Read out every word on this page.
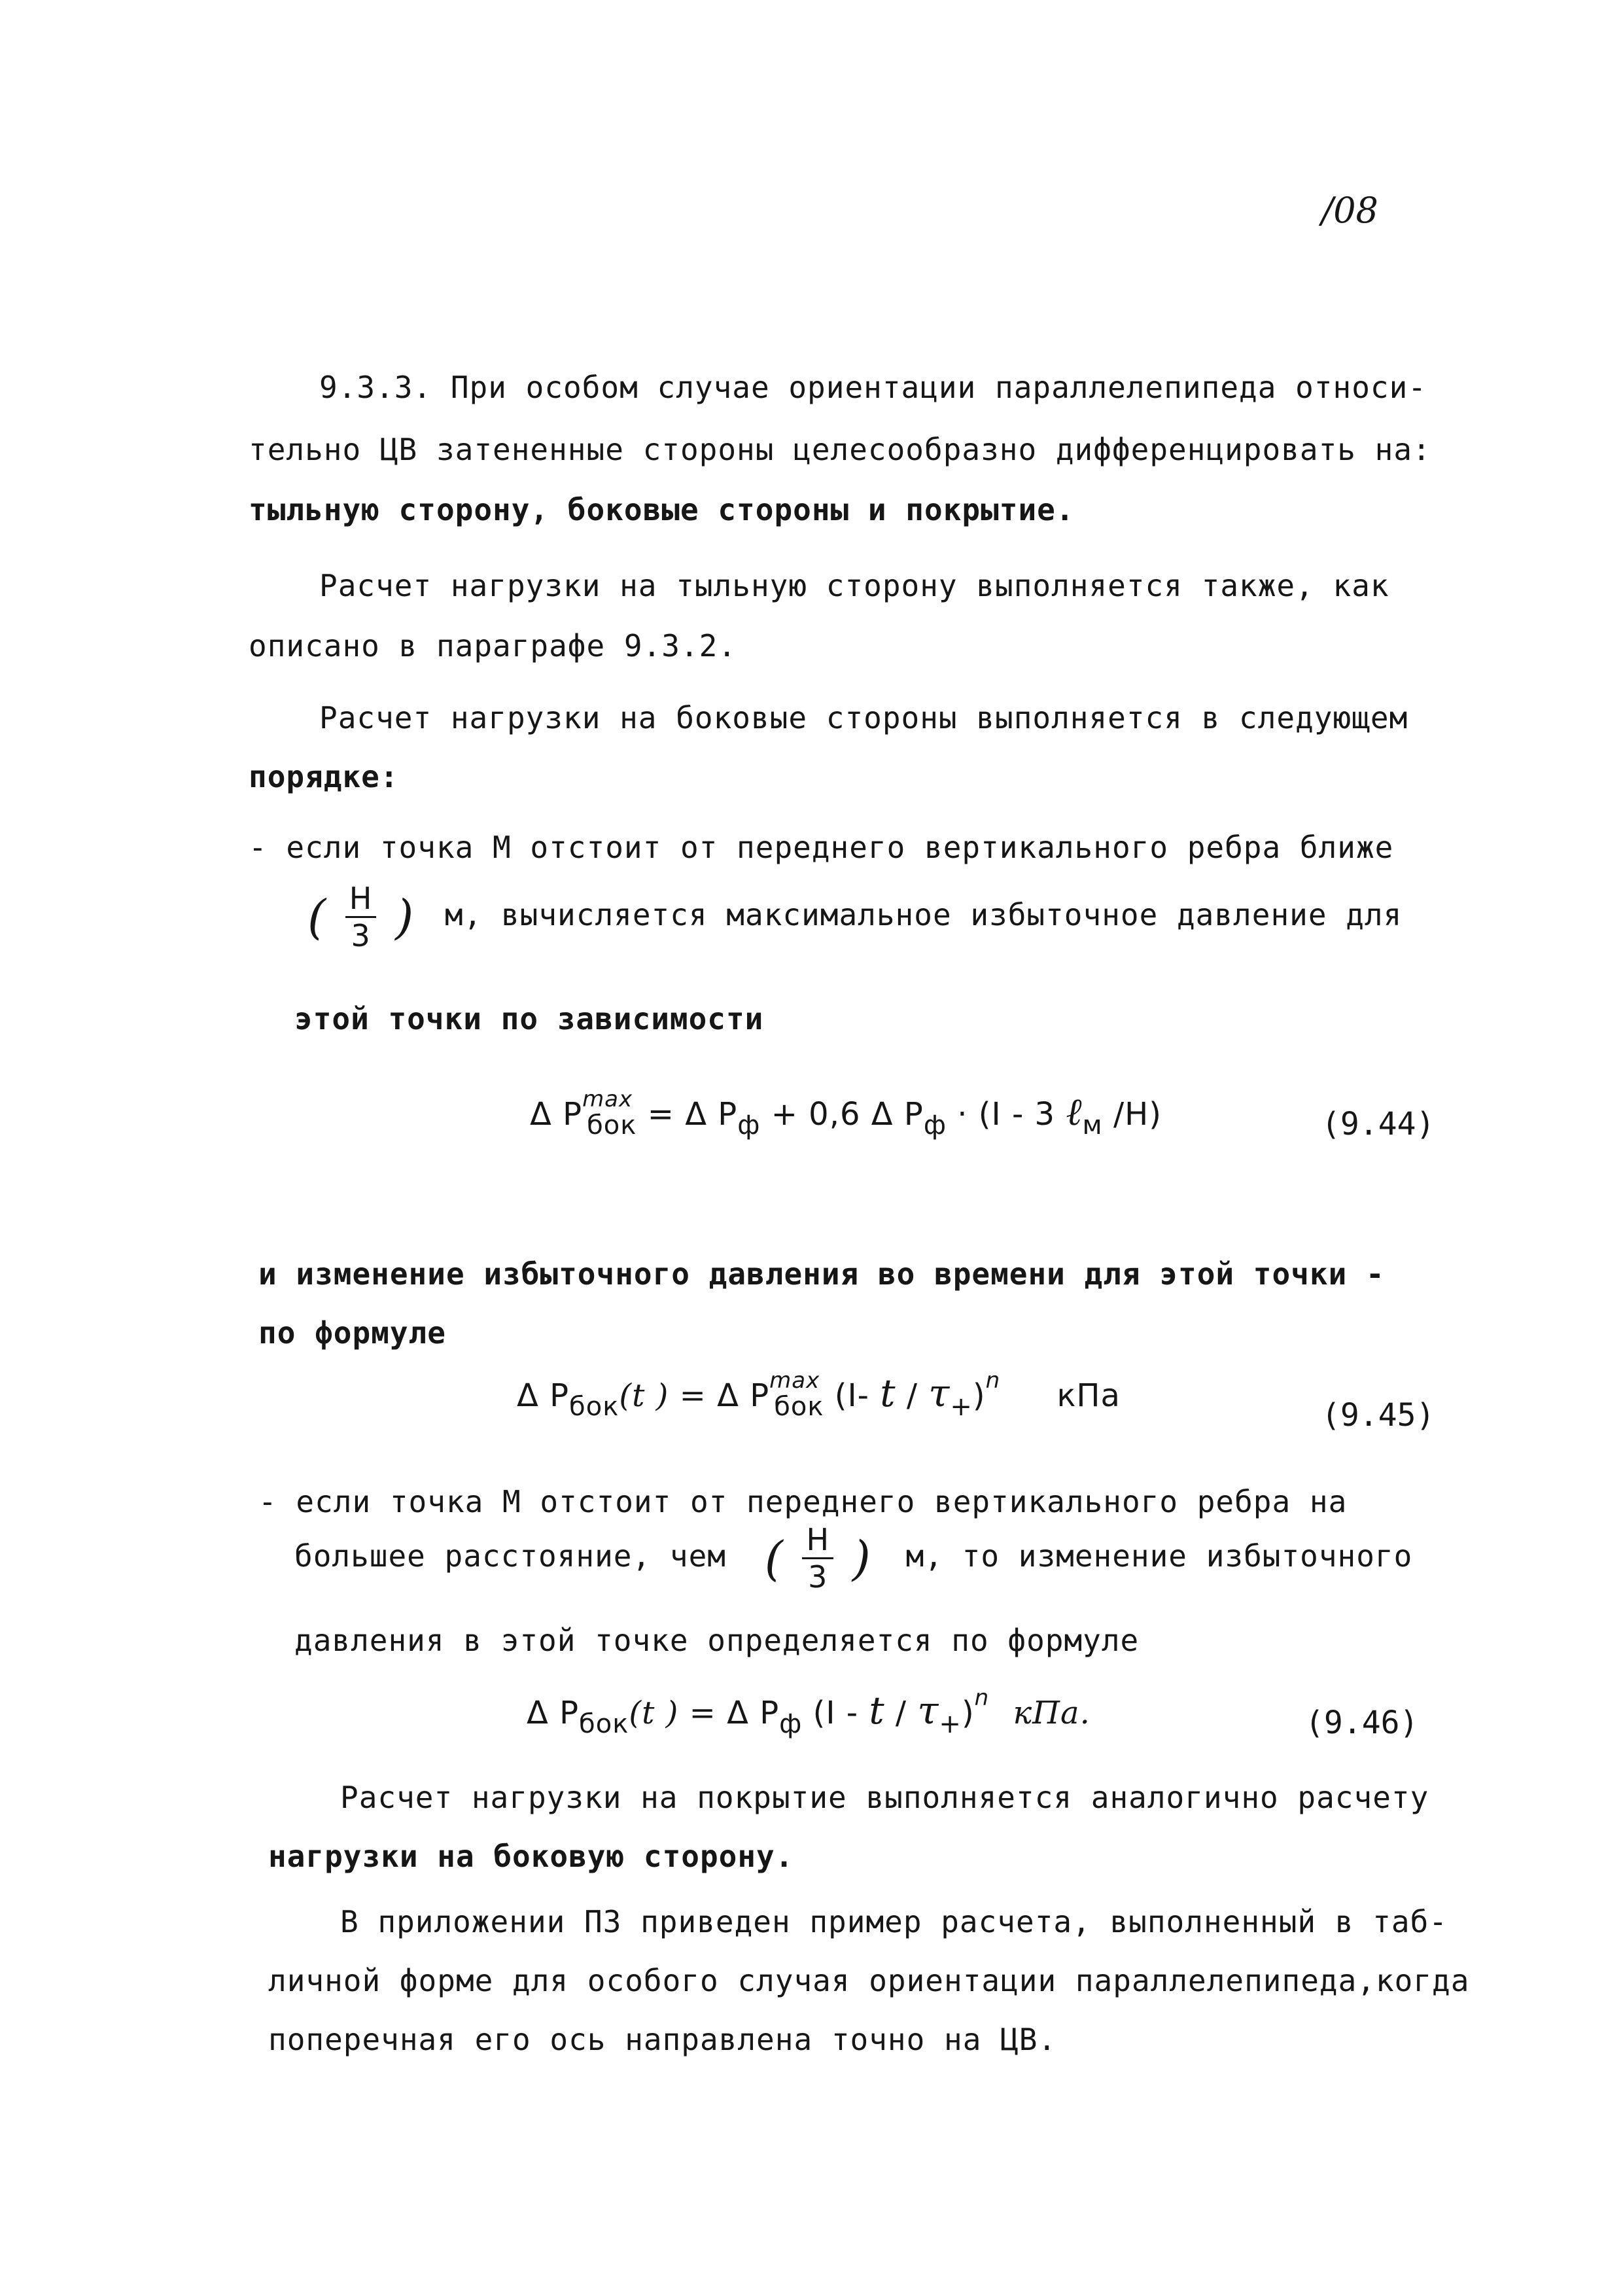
/08
9.3.3. При особом случае ориентации параллелепипеда относи-
тельно ЦВ затененные стороны целесообразно дифференцировать на:
тыльную сторону, боковые стороны и покрытие.
Расчет нагрузки на тыльную сторону выполняется также, как
описано в параграфе 9.3.2.
Расчет нагрузки на боковые стороны выполняется в следующем
порядке:
- если точка М отстоит от переднего вертикального ребра ближе
( $\frac{H}{3}$ ) м, вычисляется максимальное избыточное давление для
этой точки по зависимости
Δ $P^{max}_{бок} = \Delta$ $P_ф + 0,6$ Δ $P_ф \cdot (I - 3$ ℓ$_м$ /H)	(9.44)
и изменение избыточного давления во времени для этой точки -
по формуле
Δ $P_{бок}(t$ ) = Δ $P^{max}_{бок}$ (I- t / $\tau_+)^n$ кПа
(9.45)
- если точка М отстоит от переднего вертикального ребра на
большее расстояние, чем ( $\frac{H}{3}$ ) м, то изменение избыточного
давления в этой точке определяется по формуле
Δ $P_{бок}(t$ ) = Δ $P_ф$ (I - t / $\tau_+)^n$ кПа.	(9.46)
Расчет нагрузки на покрытие выполняется аналогично расчету
нагрузки на боковую сторону.
В приложении ПЗ приведен пример расчета, выполненный в таб-
личной форме для особого случая ориентации параллелепипеда,когда
поперечная его ось направлена точно на ЦВ.
